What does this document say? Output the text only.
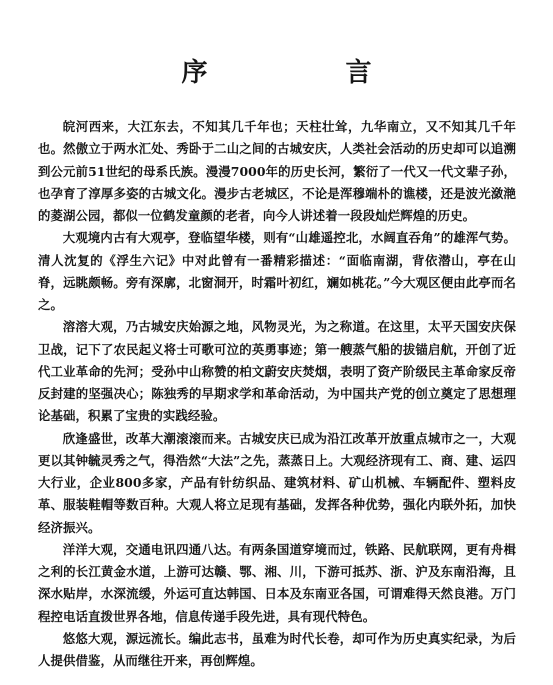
序　言

皖河西来，大江东去，不知其几千年也；天柱壮耸，九华南立，又不知其几千年也。然傲立于两水汇处、秀卧于二山之间的古城安庆，人类社会活动的历史却可以追溯到公元前51世纪的母系氏族。漫漫7000年的历史长河，繁衍了一代又一代文辈子孙，也孕育了淳厚多姿的古城文化。漫步古老城区，不论是浑穆端朴的谯楼，还是波光潋滟的菱湖公园，都似一位鹤发童颜的老者，向今人讲述着一段段灿烂辉煌的历史。

大观境内古有大观亭，登临望华楼，则有“山雄遥控北，水阔直吞角”的雄浑气势。清人沈复的《浮生六记》中对此曾有一番精彩描述：“面临南湖，背依潜山，亭在山脊，远眺颇畅。旁有深廓，北窗洞开，时霜叶初红，斓如桃花。”今大观区便由此亭而名之。

溶溶大观，乃古城安庆始源之地，风物灵光，为之称道。在这里，太平天国安庆保卫战，记下了农民起义将士可歌可泣的英勇事迹；第一艘蒸气船的拔锚启航，开创了近代工业革命的先河；受孙中山称赞的柏文蔚安庆焚烟，表明了资产阶级民主革命家反帝反封建的坚强决心；陈独秀的早期求学和革命活动，为中国共产党的创立奠定了思想理论基础，积累了宝贵的实践经验。

欣逢盛世，改革大潮滚滚而来。古城安庆已成为沿江改革开放重点城市之一，大观更以其钟毓灵秀之气，得浩然“大法”之先，蒸蒸日上。大观经济现有工、商、建、运四大行业，企业800多家，产品有针纺织品、建筑材料、矿山机械、车辆配件、塑料皮革、服装鞋帽等数百种。大观人将立足现有基础，发挥各种优势，强化内联外拓，加快经济振兴。

洋洋大观，交通电讯四通八达。有两条国道穿境而过，铁路、民航联网，更有舟楫之利的长江黄金水道，上游可达赣、鄂、湘、川，下游可抵苏、浙、沪及东南沿海，且深水贴岸，水深流缓，外运可直达韩国、日本及东南亚各国，可谓难得天然良港。万门程控电话直拨世界各地，信息传递手段先进，具有现代特色。

悠悠大观，源远流长。编此志书，虽难为时代长卷，却可作为历史真实纪录，为后人提供借鉴，从而继往开来，再创辉煌。
